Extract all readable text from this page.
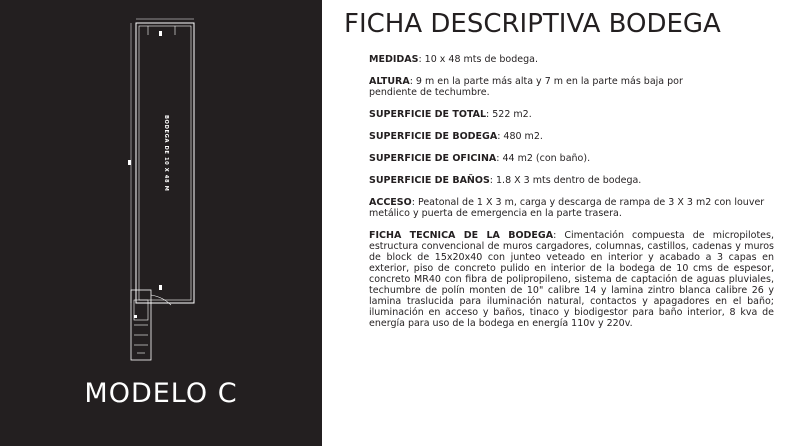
BODEGA DE 10 X 48 M
MODELO C
FICHA DESCRIPTIVA BODEGA

MEDIDAS: 10 x 48 mts de bodega.

ALTURA: 9 m en la parte más alta y 7 m en la parte más baja por pendiente de techumbre.

SUPERFICIE DE TOTAL: 522 m2.

SUPERFICIE DE BODEGA: 480 m2.

SUPERFICIE DE OFICINA: 44 m2 (con baño).

SUPERFICIE DE BAÑOS: 1.8 X 3 mts dentro de bodega.

ACCESO: Peatonal de 1 X 3 m, carga y descarga de rampa de 3 X 3 m2 con louver metálico y puerta de emergencia en la parte trasera.

FICHA TECNICA DE LA BODEGA: Cimentación compuesta de micropilotes, estructura convencional de muros cargadores, columnas, castillos, cadenas y muros de block de 15x20x40 con junteo veteado en interior y acabado a 3 capas en exterior, piso de concreto pulido en interior de la bodega de 10 cms de espesor, concreto MR40 con fibra de polipropileno, sistema de captación de aguas pluviales, techumbre de polín monten de 10" calibre 14 y lamina zintro blanca calibre 26 y lamina traslucida para iluminación natural, contactos y apagadores en el baño; iluminación en acceso y baños, tinaco y biodigestor para baño interior, 8 kva de energía para uso de la bodega en energía 110v y 220v.
